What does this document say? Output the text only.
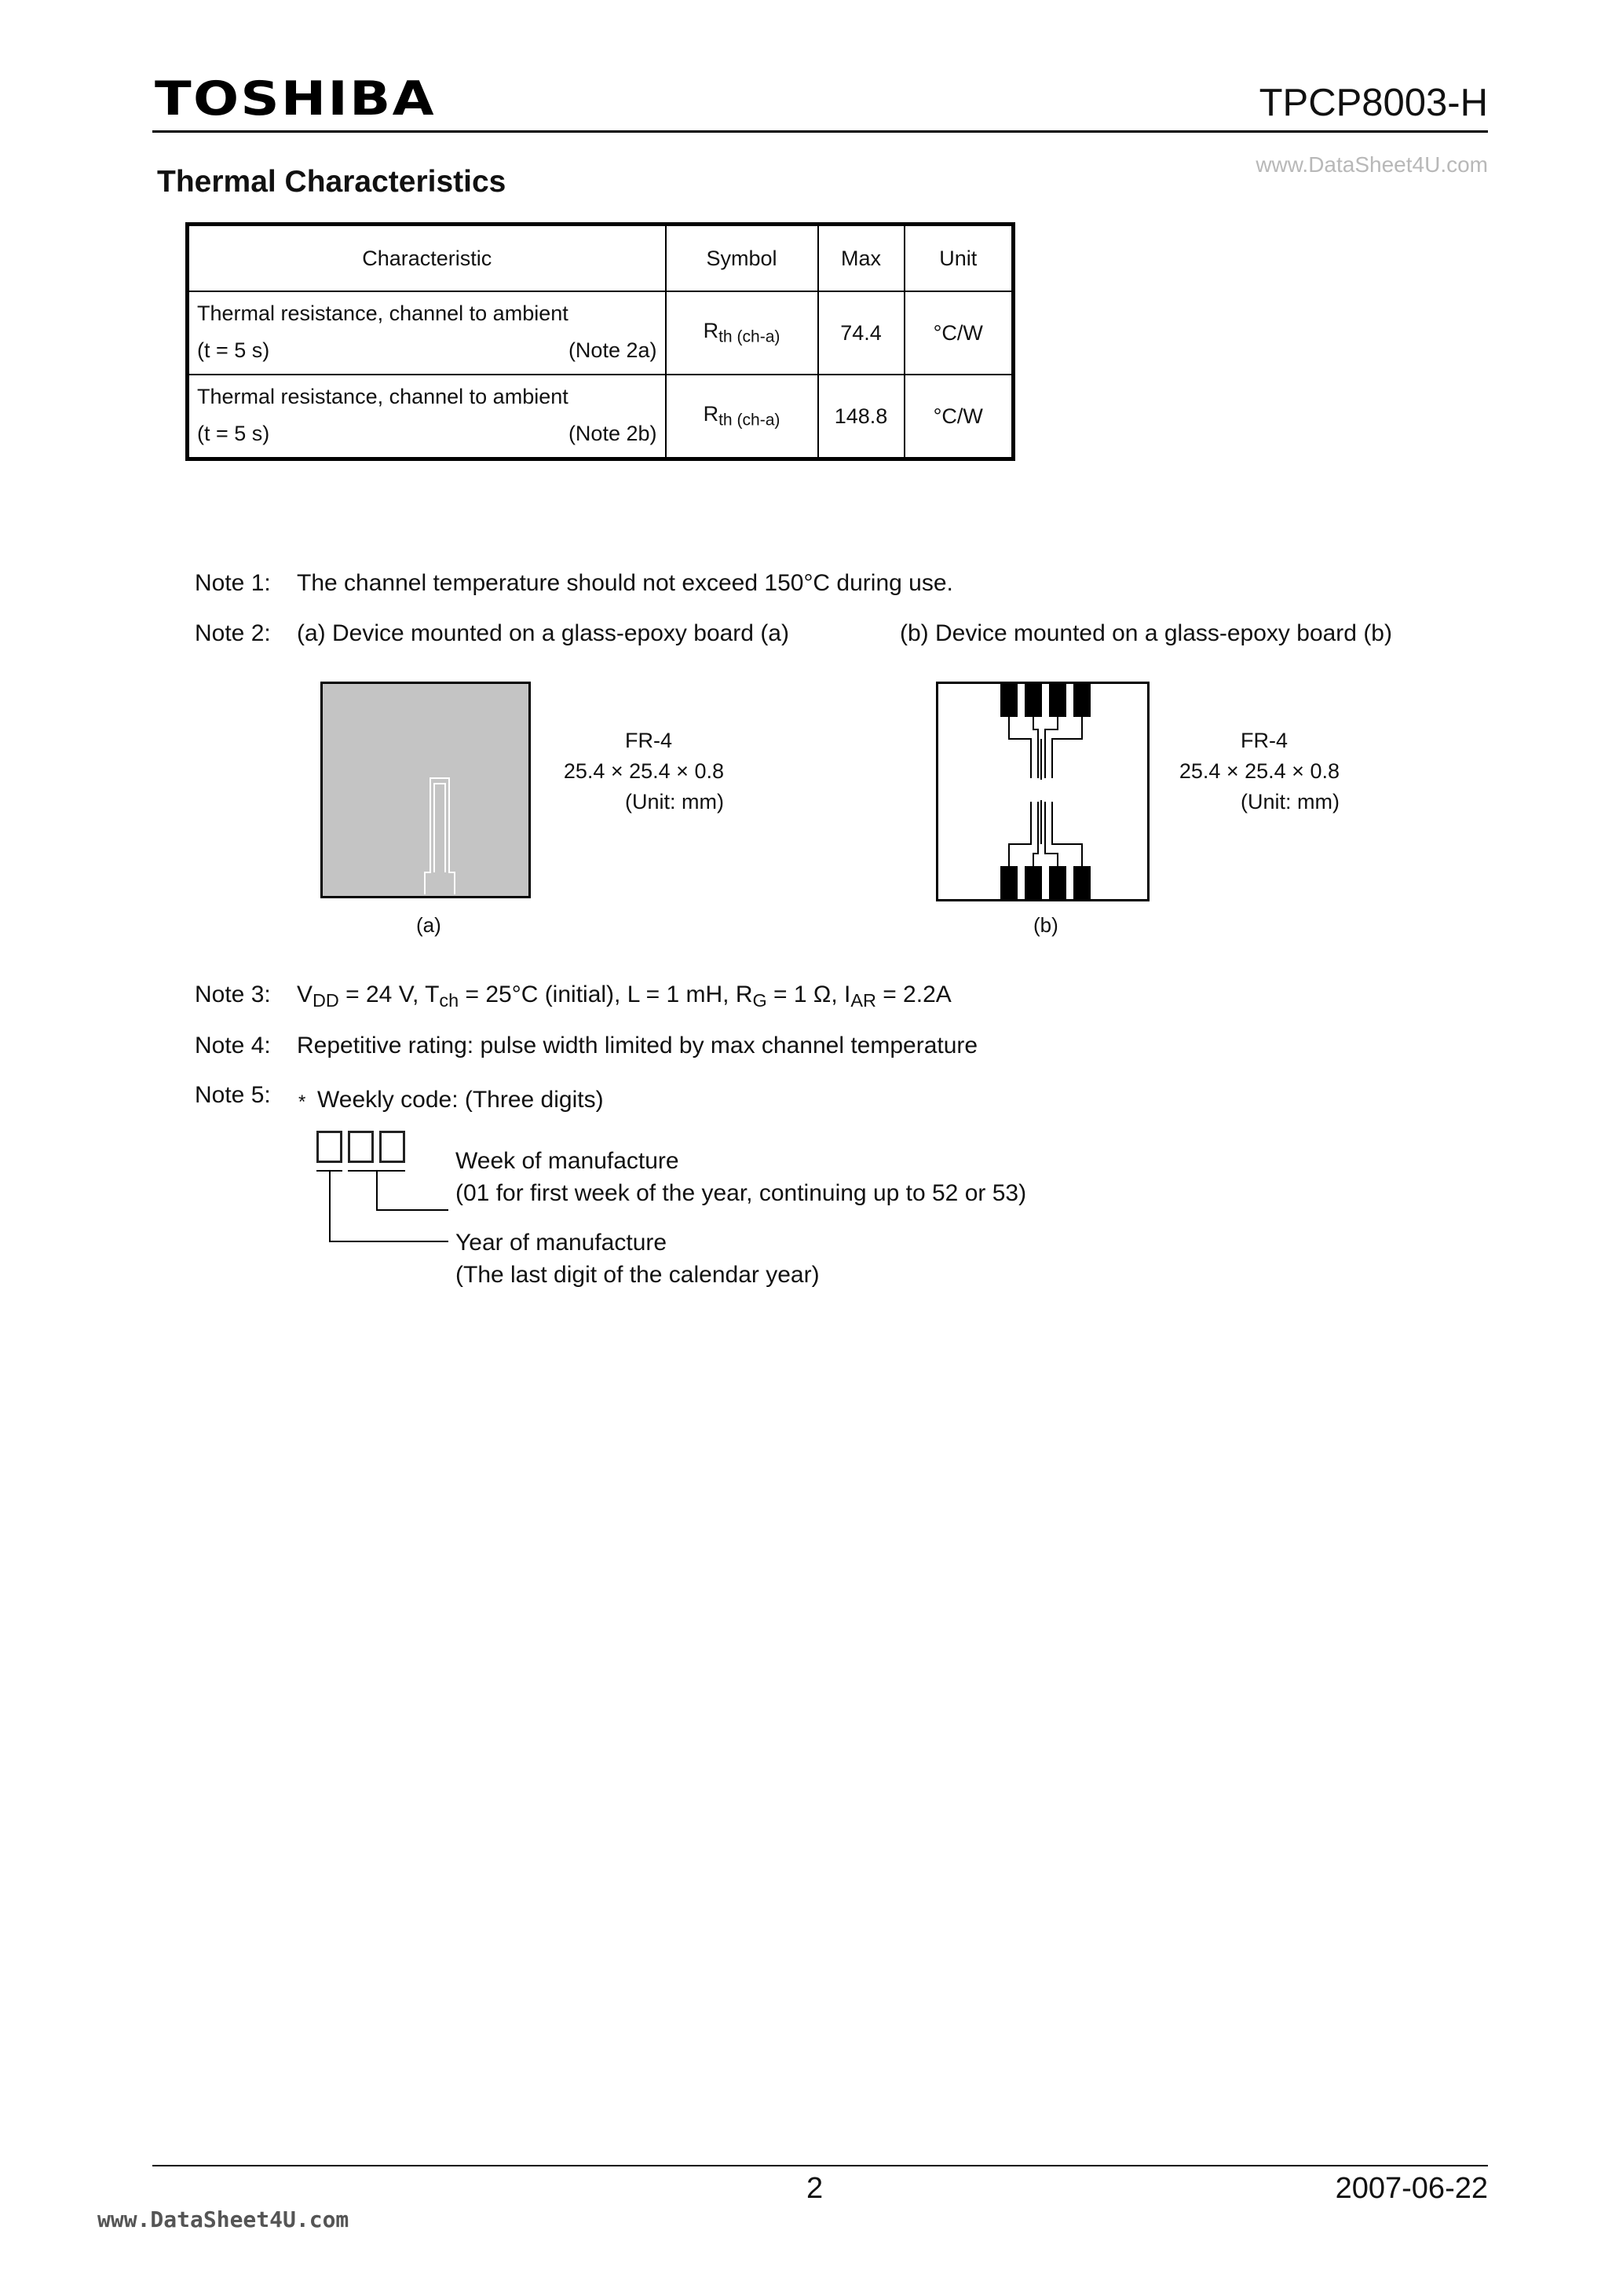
TOSHIBA	TPCP8003-H
www.DataSheet4U.com
Thermal Characteristics
Characteristic	Symbol	Max	Unit

Thermal resistance, channel to ambient
(t = 5 s) (Note 2a)	$R_{th (ch-a)}$	74.4	°C/W

Thermal resistance, channel to ambient
(t = 5 s) (Note 2b)	$R_{th (ch-a)}$	148.8	°C/W
Note 1: The channel temperature should not exceed 150°C during use.
Note 2: (a) Device mounted on a glass-epoxy board (a)	(b) Device mounted on a glass-epoxy board (b)
FR-4
25.4 × 25.4 × 0.8
(Unit: mm)
(a)
FR-4
25.4 × 25.4 × 0.8
(Unit: mm)
(b)
Note 3: $V_{DD} = 24$ V, $T_{ch} = 25^\circ C$ (initial), L = 1 mH, $R_G = 1$ Ω, $I_{AR} = 2.2A$
Note 4: Repetitive rating: pulse width limited by max channel temperature
Note 5: * Weekly code: (Three digits)
Week of manufacture
(01 for first week of the year, continuing up to 52 or 53)
Year of manufacture
(The last digit of the calendar year)
2	2007-06-22
www.DataSheet4U.com
